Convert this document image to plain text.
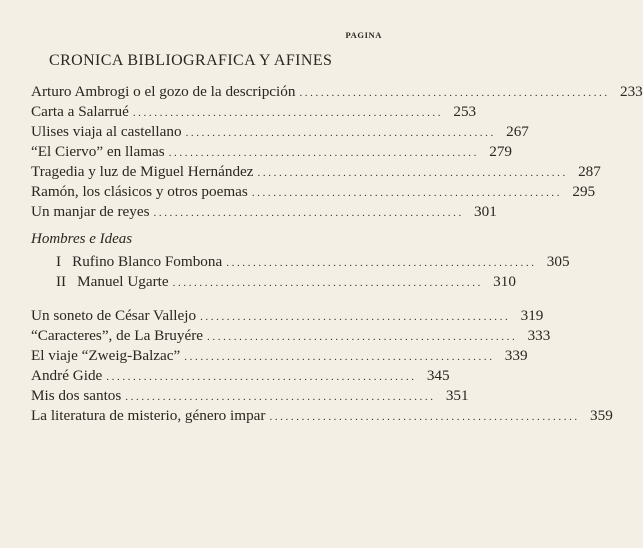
PAGINA
CRONICA BIBLIOGRAFICA Y AFINES
Arturo Ambrogi o el gozo de la descripción .......................................................... 233
Carta a Salarrué .......................................................... 253
Ulises viaja al castellano .......................................................... 267
“El Ciervo” en llamas .......................................................... 279
Tragedia y luz de Miguel Hernández .......................................................... 287
Ramón, los clásicos y otros poemas .......................................................... 295
Un manjar de reyes .......................................................... 301
Hombres e Ideas
I Rufino Blanco Fombona .......................................................... 305
II Manuel Ugarte .......................................................... 310
Un soneto de César Vallejo .......................................................... 319
“Caracteres”, de La Bruyére .......................................................... 333
El viaje “Zweig-Balzac” .......................................................... 339
André Gide .......................................................... 345
Mis dos santos .......................................................... 351
La literatura de misterio, género impar .......................................................... 359
